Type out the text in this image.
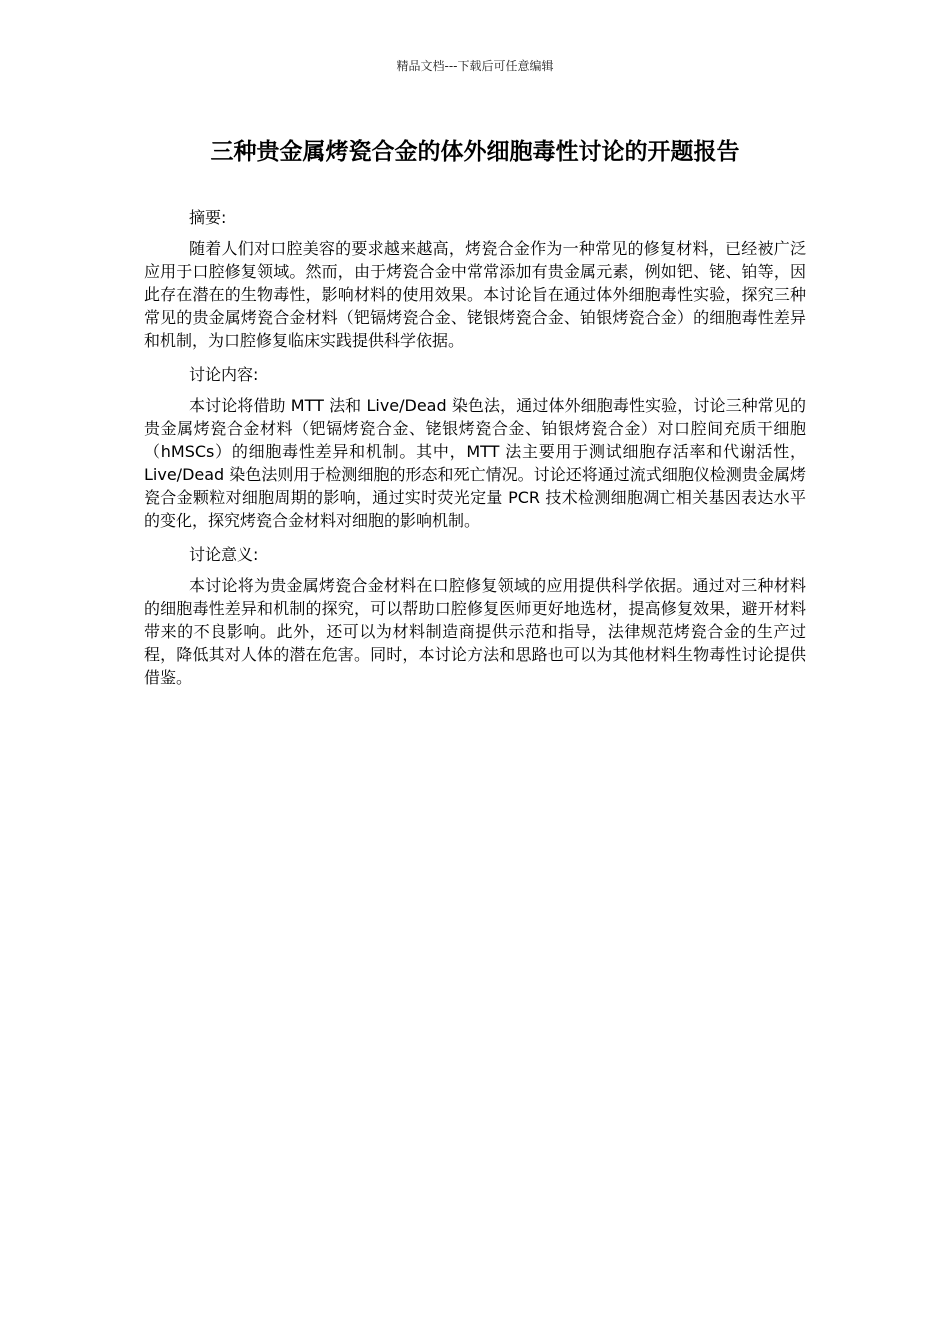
精品文档---下载后可任意编辑
三种贵金属烤瓷合金的体外细胞毒性讨论的开题报告

摘要:

随着人们对口腔美容的要求越来越高，烤瓷合金作为一种常见的修复材料，已经被广泛应用于口腔修复领域。然而，由于烤瓷合金中常常添加有贵金属元素，例如钯、铑、铂等，因此存在潜在的生物毒性，影响材料的使用效果。本讨论旨在通过体外细胞毒性实验，探究三种常见的贵金属烤瓷合金材料（钯镉烤瓷合金、铑银烤瓷合金、铂银烤瓷合金）的细胞毒性差异和机制，为口腔修复临床实践提供科学依据。

讨论内容:

本讨论将借助 MTT 法和 Live/Dead 染色法，通过体外细胞毒性实验，讨论三种常见的贵金属烤瓷合金材料（钯镉烤瓷合金、铑银烤瓷合金、铂银烤瓷合金）对口腔间充质干细胞（hMSCs）的细胞毒性差异和机制。其中，MTT 法主要用于测试细胞存活率和代谢活性，Live/Dead 染色法则用于检测细胞的形态和死亡情况。讨论还将通过流式细胞仪检测贵金属烤瓷合金颗粒对细胞周期的影响，通过实时荧光定量 PCR 技术检测细胞凋亡相关基因表达水平的变化，探究烤瓷合金材料对细胞的影响机制。

讨论意义:

本讨论将为贵金属烤瓷合金材料在口腔修复领域的应用提供科学依据。通过对三种材料的细胞毒性差异和机制的探究，可以帮助口腔修复医师更好地选材，提高修复效果，避开材料带来的不良影响。此外，还可以为材料制造商提供示范和指导，法律规范烤瓷合金的生产过程，降低其对人体的潜在危害。同时，本讨论方法和思路也可以为其他材料生物毒性讨论提供借鉴。
